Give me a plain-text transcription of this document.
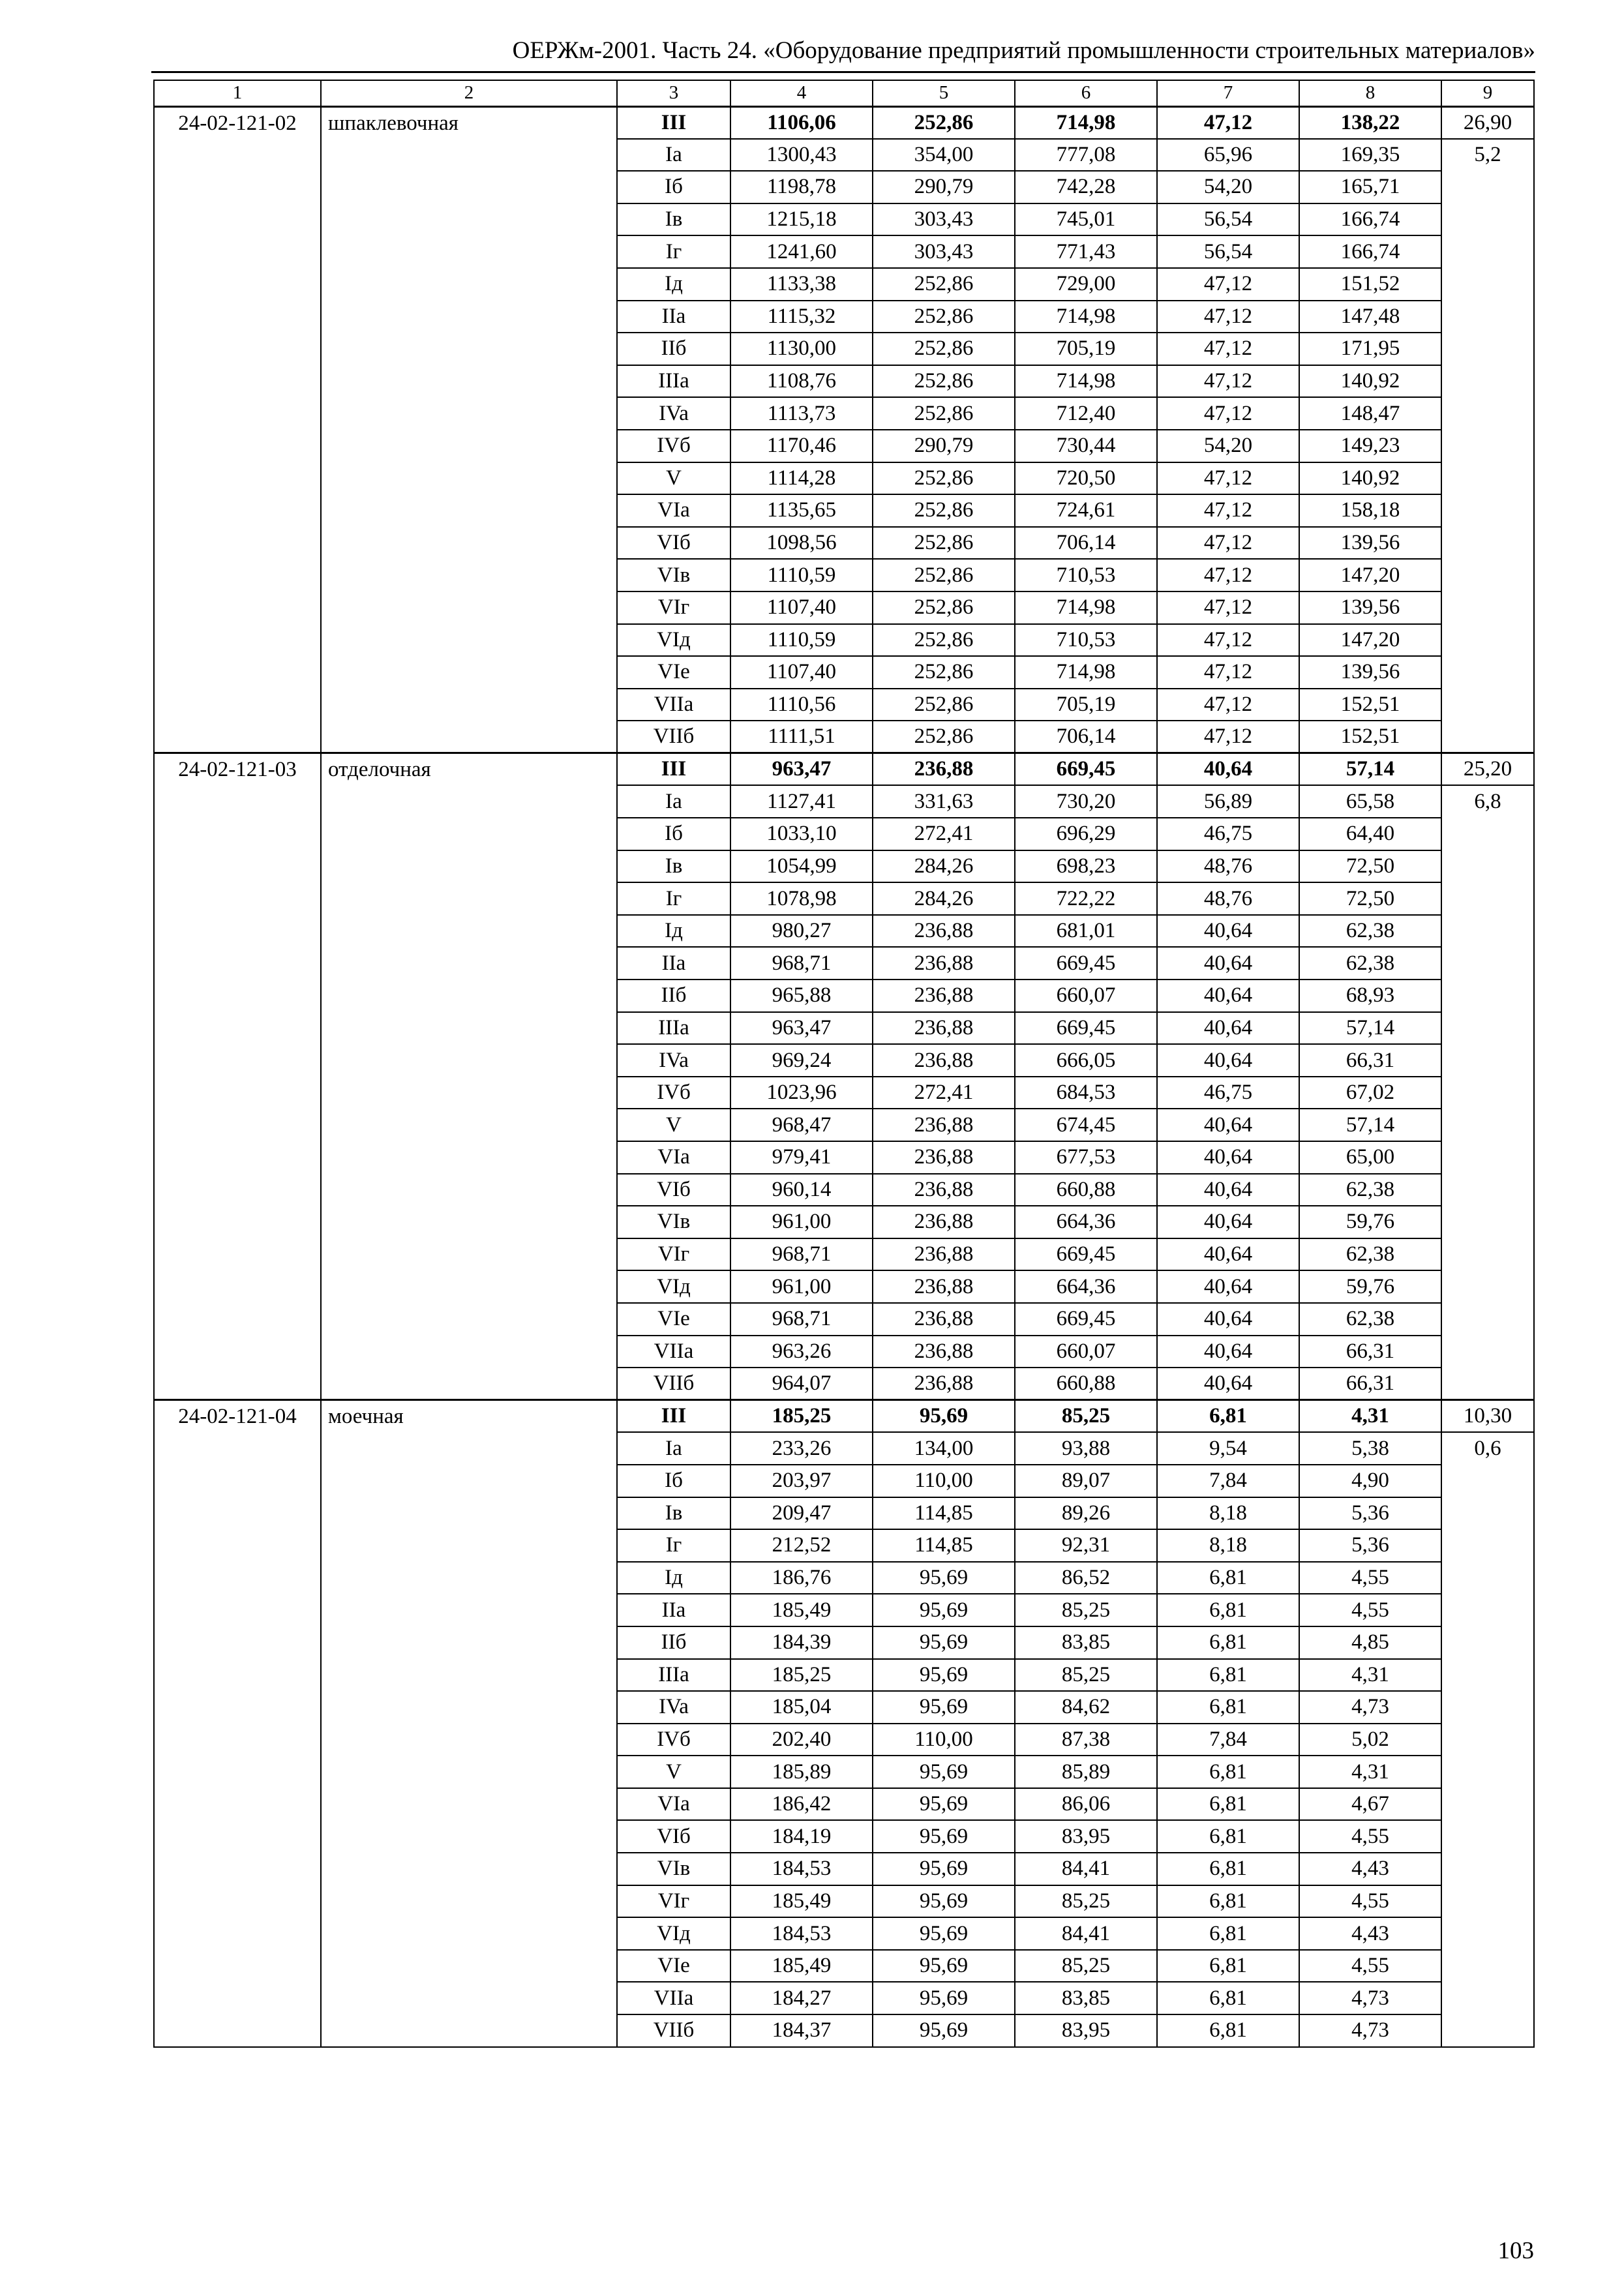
ОЕРЖм-2001. Часть 24. «Оборудование предприятий промышленности строительных материалов»
1	2	3	4	5	6	7	8	9
24-02-121-02	шпаклевочная	III	1106,06	252,86	714,98	47,12	138,22	26,90
		Ia	1300,43	354,00	777,08	65,96	169,35	5,2
		Iб	1198,78	290,79	742,28	54,20	165,71	
		Iв	1215,18	303,43	745,01	56,54	166,74	
		Iг	1241,60	303,43	771,43	56,54	166,74	
		Iд	1133,38	252,86	729,00	47,12	151,52	
		IIa	1115,32	252,86	714,98	47,12	147,48	
		IIб	1130,00	252,86	705,19	47,12	171,95	
		IIIa	1108,76	252,86	714,98	47,12	140,92	
		IVa	1113,73	252,86	712,40	47,12	148,47	
		IVб	1170,46	290,79	730,44	54,20	149,23	
		V	1114,28	252,86	720,50	47,12	140,92	
		VIa	1135,65	252,86	724,61	47,12	158,18	
		VIб	1098,56	252,86	706,14	47,12	139,56	
		VIв	1110,59	252,86	710,53	47,12	147,20	
		VIг	1107,40	252,86	714,98	47,12	139,56	
		VIд	1110,59	252,86	710,53	47,12	147,20	
		VIe	1107,40	252,86	714,98	47,12	139,56	
		VIIa	1110,56	252,86	705,19	47,12	152,51	
		VIIб	1111,51	252,86	706,14	47,12	152,51	
24-02-121-03	отделочная	III	963,47	236,88	669,45	40,64	57,14	25,20
		Ia	1127,41	331,63	730,20	56,89	65,58	6,8
		Iб	1033,10	272,41	696,29	46,75	64,40	
		Iв	1054,99	284,26	698,23	48,76	72,50	
		Iг	1078,98	284,26	722,22	48,76	72,50	
		Iд	980,27	236,88	681,01	40,64	62,38	
		IIa	968,71	236,88	669,45	40,64	62,38	
		IIб	965,88	236,88	660,07	40,64	68,93	
		IIIa	963,47	236,88	669,45	40,64	57,14	
		IVa	969,24	236,88	666,05	40,64	66,31	
		IVб	1023,96	272,41	684,53	46,75	67,02	
		V	968,47	236,88	674,45	40,64	57,14	
		VIa	979,41	236,88	677,53	40,64	65,00	
		VIб	960,14	236,88	660,88	40,64	62,38	
		VIв	961,00	236,88	664,36	40,64	59,76	
		VIг	968,71	236,88	669,45	40,64	62,38	
		VIд	961,00	236,88	664,36	40,64	59,76	
		VIe	968,71	236,88	669,45	40,64	62,38	
		VIIa	963,26	236,88	660,07	40,64	66,31	
		VIIб	964,07	236,88	660,88	40,64	66,31	
24-02-121-04	моечная	III	185,25	95,69	85,25	6,81	4,31	10,30
		Ia	233,26	134,00	93,88	9,54	5,38	0,6
		Iб	203,97	110,00	89,07	7,84	4,90	
		Iв	209,47	114,85	89,26	8,18	5,36	
		Iг	212,52	114,85	92,31	8,18	5,36	
		Iд	186,76	95,69	86,52	6,81	4,55	
		IIa	185,49	95,69	85,25	6,81	4,55	
		IIб	184,39	95,69	83,85	6,81	4,85	
		IIIa	185,25	95,69	85,25	6,81	4,31	
		IVa	185,04	95,69	84,62	6,81	4,73	
		IVб	202,40	110,00	87,38	7,84	5,02	
		V	185,89	95,69	85,89	6,81	4,31	
		VIa	186,42	95,69	86,06	6,81	4,67	
		VIб	184,19	95,69	83,95	6,81	4,55	
		VIв	184,53	95,69	84,41	6,81	4,43	
		VIг	185,49	95,69	85,25	6,81	4,55	
		VIд	184,53	95,69	84,41	6,81	4,43	
		VIe	185,49	95,69	85,25	6,81	4,55	
		VIIa	184,27	95,69	83,85	6,81	4,73	
		VIIб	184,37	95,69	83,95	6,81	4,73	
103
